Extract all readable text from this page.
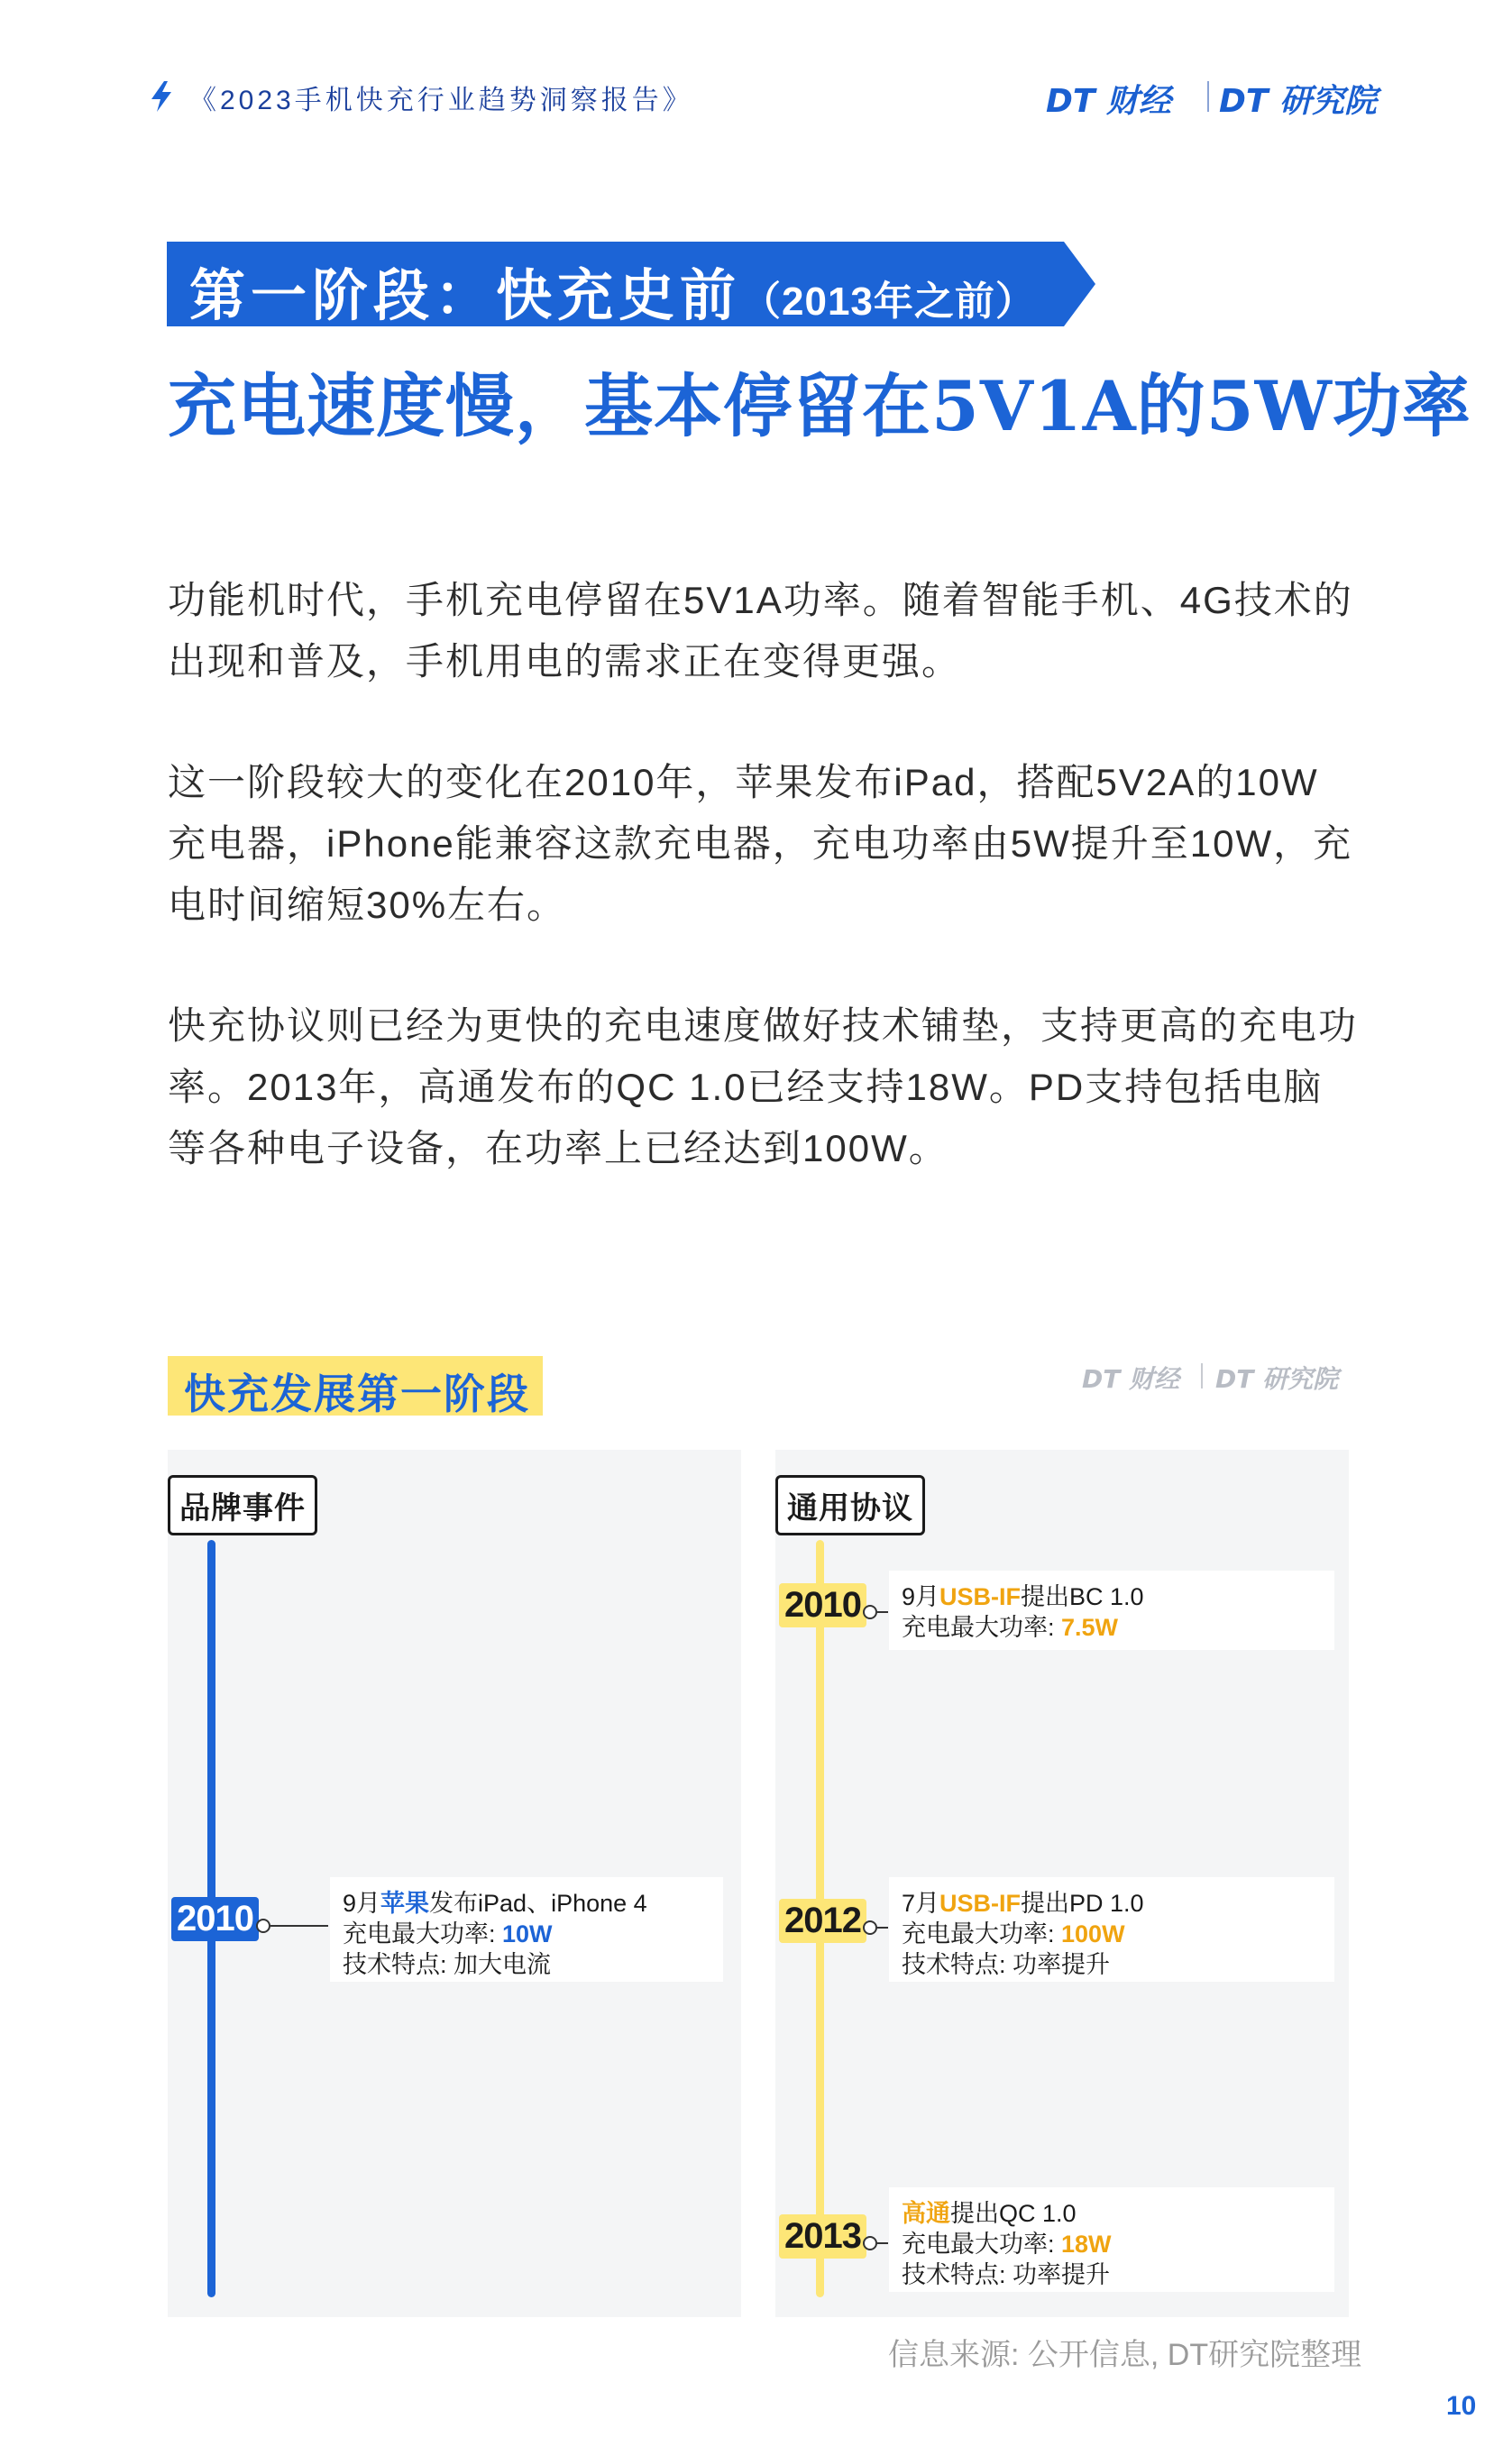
《2023手机快充行业趋势洞察报告》	DT 财经 DT 研究院
第一阶段：快充史前（2013年之前）
充电速度慢，基本停留在5V1A的5W功率
功能机时代，手机充电停留在5V1A功率。随着智能手机、4G技术的出现和普及，手机用电的需求正在变得更强。
这一阶段较大的变化在2010年，苹果发布iPad，搭配5V2A的10W充电器，iPhone能兼容这款充电器，充电功率由5W提升至10W，充电时间缩短30%左右。
快充协议则已经为更快的充电速度做好技术铺垫，支持更高的充电功率。2013年，高通发布的QC 1.0已经支持18W。PD支持包括电脑等各种电子设备，在功率上已经达到100W。
快充发展第一阶段	DT 财经 DT 研究院
品牌事件	通用协议
2010	9月苹果发布iPad、iPhone 4
充电最大功率: 10W
技术特点: 加大电流
2010 9月USB-IF提出BC 1.0
充电最大功率: 7.5W
2012 7月USB-IF提出PD 1.0
充电最大功率: 100W
技术特点: 功率提升
2013
高通提出QC 1.0
充电最大功率: 18W
技术特点: 功率提升
信息来源: 公开信息, DT研究院整理
10
